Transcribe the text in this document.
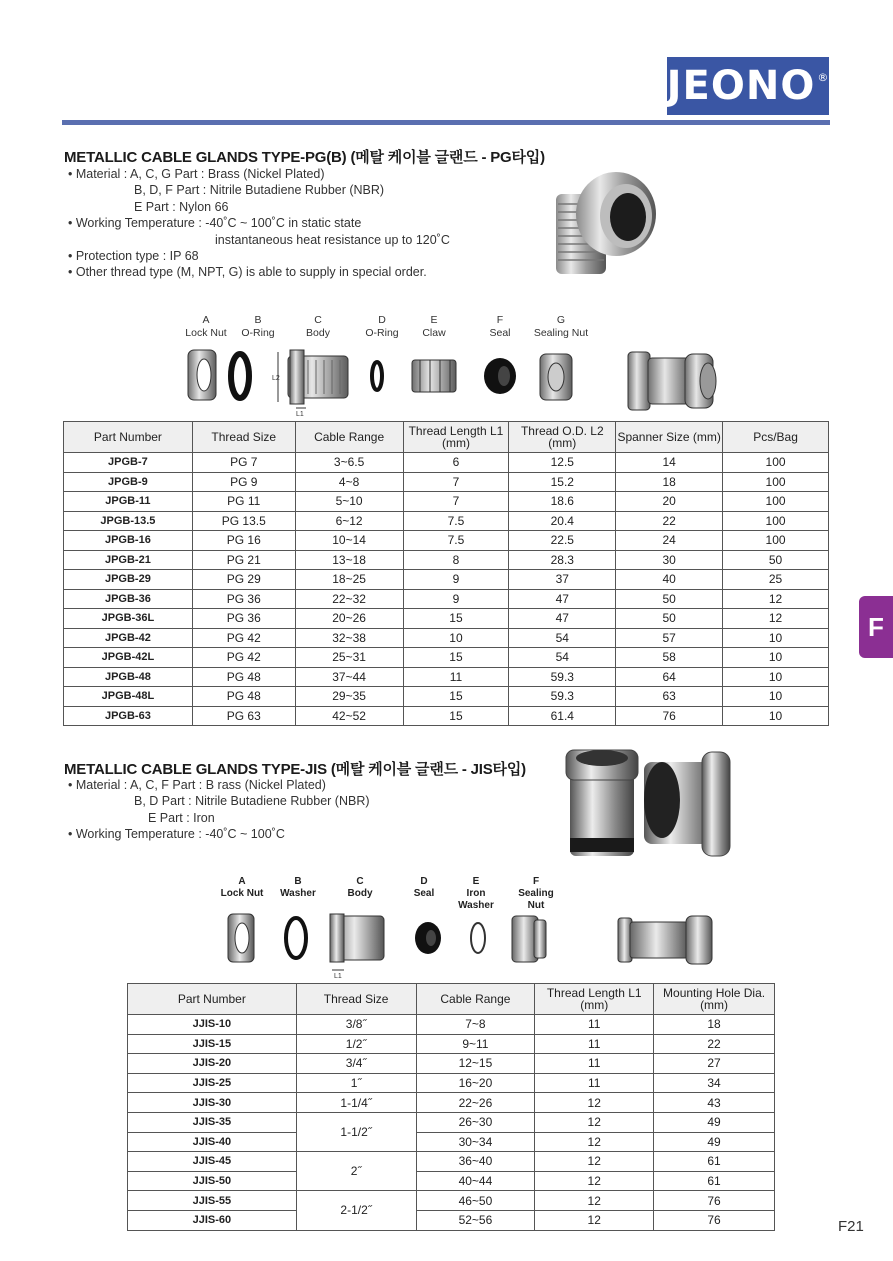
JEONO®
METALLIC CABLE GLANDS TYPE-PG(B) (메탈 케이블 글랜드 - PG타입)
• Material : A, C, G Part : Brass (Nickel Plated)
B, D, F Part : Nitrile Butadiene Rubber (NBR)
E Part : Nylon 66
• Working Temperature : -40˚C ~ 100˚C in static state
instantaneous heat resistance up to 120˚C
• Protection type : IP 68
• Other thread type (M, NPT, G) is able to supply in special order.
A
Lock Nut
B
O-Ring
C
Body
D
O-Ring
E
Claw
F
Seal
G
Sealing Nut
L2
L1
Part Number	Thread Size	Cable Range	Thread Length L1 (mm)	Thread O.D. L2 (mm)	Spanner Size (mm)	Pcs/Bag
JPGB-7	PG 7	3~6.5	6	12.5	14	100
JPGB-9	PG 9	4~8	7	15.2	18	100
JPGB-11	PG 11	5~10	7	18.6	20	100
JPGB-13.5	PG 13.5	6~12	7.5	20.4	22	100
JPGB-16	PG 16	10~14	7.5	22.5	24	100
JPGB-21	PG 21	13~18	8	28.3	30	50
JPGB-29	PG 29	18~25	9	37	40	25
JPGB-36	PG 36	22~32	9	47	50	12
JPGB-36L	PG 36	20~26	15	47	50	12
JPGB-42	PG 42	32~38	10	54	57	10
JPGB-42L	PG 42	25~31	15	54	58	10
JPGB-48	PG 48	37~44	11	59.3	64	10
JPGB-48L	PG 48	29~35	15	59.3	63	10
JPGB-63	PG 63	42~52	15	61.4	76	10
F
METALLIC CABLE GLANDS TYPE-JIS (메탈 케이블 글랜드 - JIS타입)
• Material : A, C, F Part : B rass (Nickel Plated)
B, D Part : Nitrile Butadiene Rubber (NBR)
E Part : Iron
• Working Temperature : -40˚C ~ 100˚C
A
Lock Nut
B
Washer
C
Body
D
Seal
E
Iron Washer
F
Sealing Nut
L1
Part Number	Thread Size	Cable Range	Thread Length L1 (mm)	Mounting Hole Dia. (mm)
JJIS-10	3/8˝	7~8	11	18
JJIS-15	1/2˝	9~11	11	22
JJIS-20	3/4˝	12~15	11	27
JJIS-25	1˝	16~20	11	34
JJIS-30	1-1/4˝	22~26	12	43
JJIS-35	1-1/2˝	26~30	12	49
JJIS-40		30~34	12	49
JJIS-45	2˝	36~40	12	61
JJIS-50		40~44	12	61
JJIS-55	2-1/2˝	46~50	12	76
JJIS-60		52~56	12	76	F21
